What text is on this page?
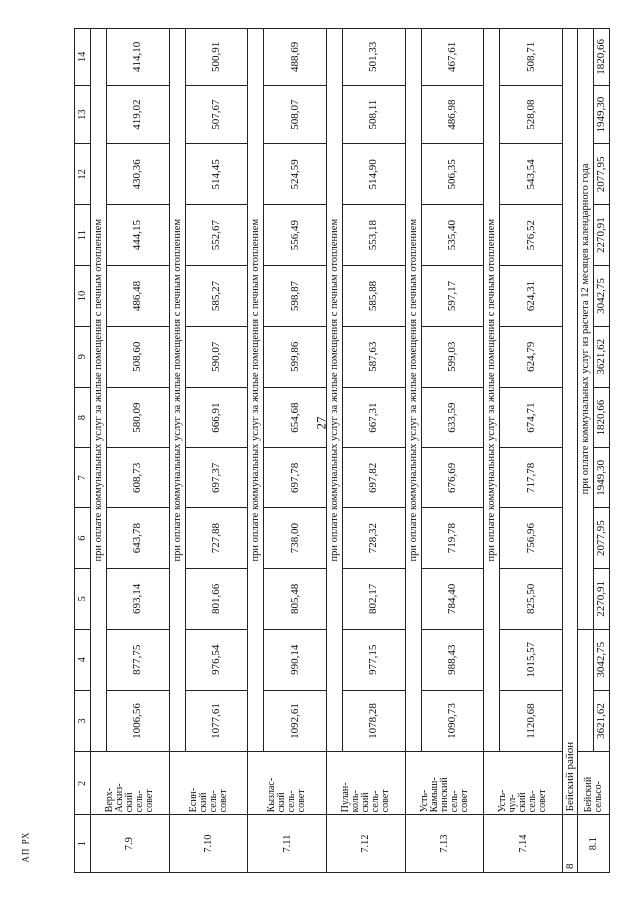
27
АП РХ	1	2	3	4	5	6	7	8	9	10	11	12	13	14
7.9	Верх-
Аскиз-
ский
сель-
совет	при оплате коммунальных услуг за жилые помещения с печным отоплением											
		1006,56	877,75	693,14	643,78	608,73	580,09	508,60	486,48	444,15	430,36	419,02	414,10
7.10	Есин-
ский
сель-
совет	при оплате коммунальных услуг за жилые помещения с печным отоплением											
		1077,61	976,54	801,66	727,88	697,37	666,91	590,07	585,27	552,67	514,45	507,67	500,91
7.11	Кызлас-
ский
сель-
совет	при оплате коммунальных услуг за жилые помещения с печным отоплением											
		1092,61	990,14	805,48	738,00	697,78	654,68	599,86	598,87	556,49	524,59	508,07	488,69
7.12	Пулан-
коль-
ский
сель-
совет	при оплате коммунальных услуг за жилые помещения с печным отоплением											
		1078,28	977,15	802,17	728,32	697,82	667,31	587,63	585,88	553,18	514,90	508,11	501,33
7.13	Усть-
Камыш-
тинский
сель-
совет	при оплате коммунальных услуг за жилые помещения с печным отоплением											
		1090,73	988,43	784,40	719,78	676,69	633,59	599,03	597,17	535,40	506,35	486,98	467,61
7.14	Усть-
чул-
ский
сель-
совет	при оплате коммунальных услуг за жилые помещения с печным отоплением											
		1120,68	1015,57	825,50	756,96	717,78	674,71	624,79	624,31	576,52	543,54	528,08	508,71
8	Бейский район												
8.1	Бейский
сельсо-			при оплате коммунальных услуг из расчета 12 месяцев календарного года									
		3621,62	3042,75	2270,91	2077,95	1949,30	1820,66	3621,62	3042,75	2270,91	2077,95	1949,30	1820,66
